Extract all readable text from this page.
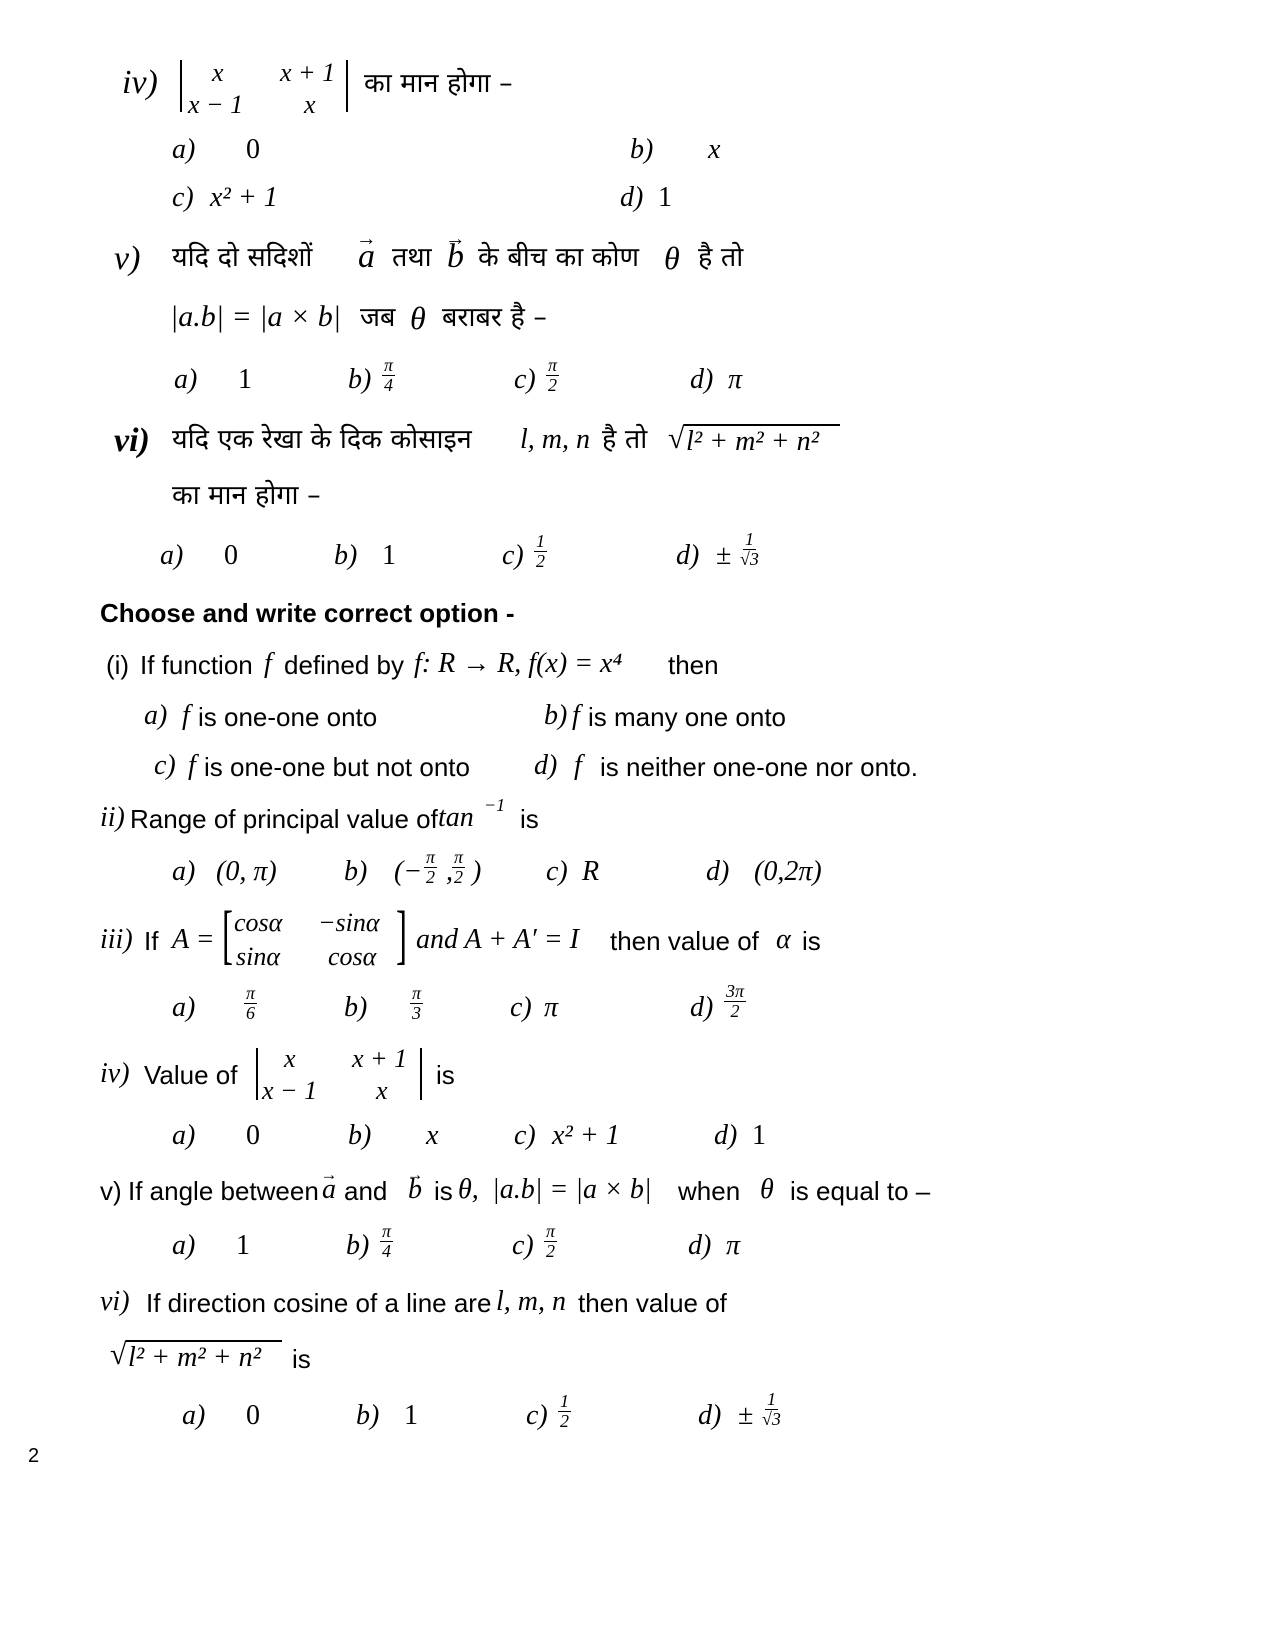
iv) x x + 1
x − 1 x
का मान होगा –
a) 0	b) x
c) x² + 1	d) 1
v) यदि दो सदिशों → a तथा → b के बीच का कोण θ है तो
|a.b| = |a × b| जब θ बराबर है –
a) 1	$b) \frac{\pi}{4}$	$c) \frac{\pi}{2}$	d) π
vi) यदि एक रेखा के दिक कोसाइन l, m, n है तो √ l² + m² + n²
का मान होगा –
a) 0	b) 1	$c) \frac{1}{2}$	$d) \pm \frac{1}{√3}$
Choose and write correct option -
(i) If function f defined by f: R → R, f(x) = x⁴ then
a) f is one-one onto	b) f is many one onto
c) f is one-one but not onto d) f is neither one-one nor onto.
ii) Range of principal value of tan −1 is
a) (0, π) b) (− $\frac{\pi}{2}$ , $\frac{\pi}{2}$ ) c) R	d) (0,2π)
iii) If A = [ ]
cosα −sinα
sinα cosα
and A + A′ = I then value of α is
a)	$\frac{\pi}{6}$	$b) \frac{\pi}{3}$	c) π	$d) \frac{3\pi}{2}$
iv) Value of
x x + 1
x − 1 x
is
a) 0	b) x	c) x² + 1	d) 1
v) If angle between → a and → b is θ, |a.b| = |a × b| when θ is equal to –
a) 1	$b) \frac{\pi}{4}$	$c) \frac{\pi}{2}$	d) π
vi) If direction cosine of a line are l, m, n then value of
√ l² + m² + n² is
a) 0	b) 1	$c) \frac{1}{2}$	$d) \pm \frac{1}{√3}$
2
